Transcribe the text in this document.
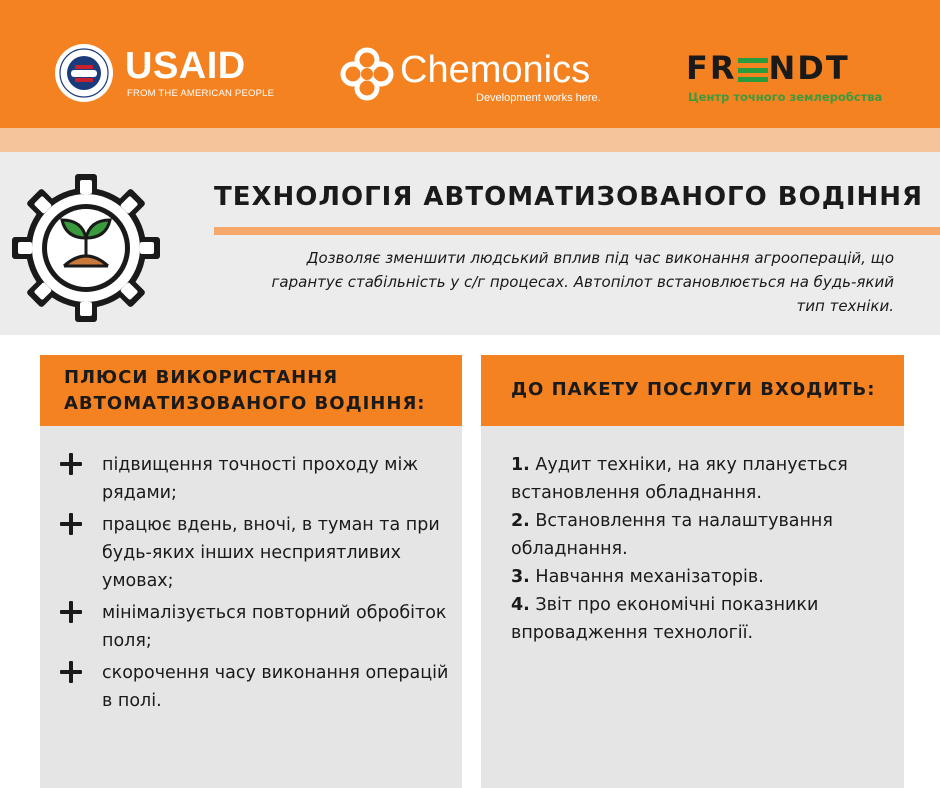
USAID
FROM THE AMERICAN PEOPLE
Chemonics
Development works here.
FR NDT
Центр точного землеробства
ТЕХНОЛОГІЯ АВТОМАТИЗОВАНОГО ВОДІННЯ
Дозволяє зменшити людський вплив під час виконання агрооперацій, що гарантує стабільність у с/г процесах. Автопілот встановлюється на будь-який тип техніки.
ПЛЮСИ ВИКОРИСТАННЯ АВТОМАТИЗОВАНОГО ВОДІННЯ:
підвищення точності проходу між рядами;
працює вдень, вночі, в туман та при будь-яких інших несприятливих умовах;
мінімалізується повторний обробіток поля;
скорочення часу виконання операцій в полі.
ДО ПАКЕТУ ПОСЛУГИ ВХОДИТЬ:
1. Аудит техніки, на яку планується встановлення обладнання.
2. Встановлення та налаштування обладнання.
3. Навчання механізаторів.
4. Звіт про економічні показники впровадження технології.
